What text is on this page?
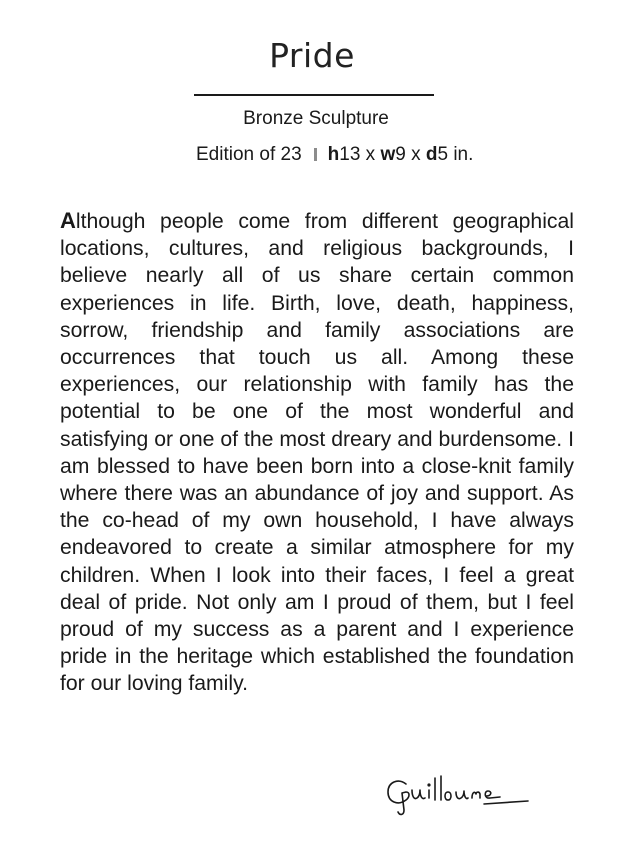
Pride
Bronze Sculpture
Edition of 23 h13 x w9 x d5 in.
Although people come from different geographical locations, cultures, and religious backgrounds, I believe nearly all of us share certain common experiences in life. Birth, love, death, happiness, sorrow, friendship and family associations are occurrences that touch us all. Among these experiences, our relationship with family has the potential to be one of the most wonderful and satisfying or one of the most dreary and burdensome. I am blessed to have been born into a close-knit family where there was an abundance of joy and support. As the co-head of my own household, I have always endeavored to create a similar atmosphere for my children. When I look into their faces, I feel a great deal of pride. Not only am I proud of them, but I feel proud of my success as a parent and I experience pride in the heritage which established the foundation for our loving family.
